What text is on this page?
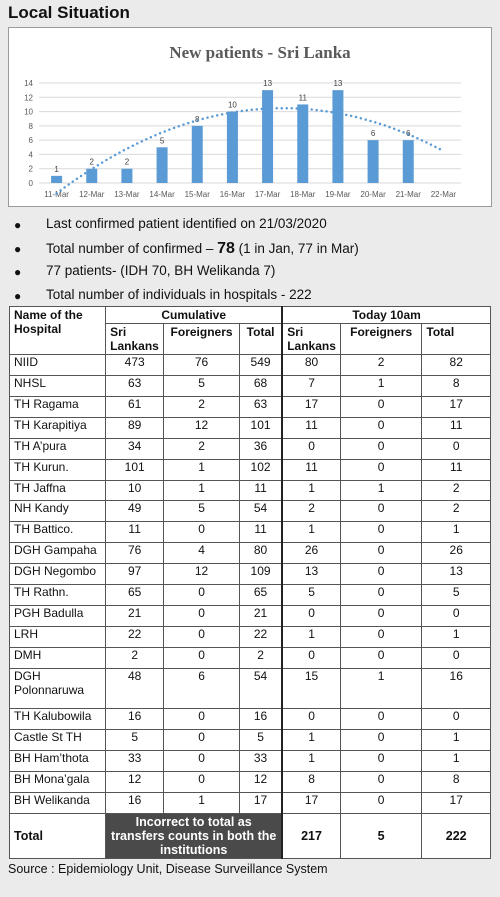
Local Situation
New patients - Sri Lanka
0
2
4
6
8
10
12
14
1
11-Mar
2
12-Mar
2
13-Mar
5
14-Mar
8
15-Mar
10
16-Mar
13
17-Mar
11
18-Mar
13
19-Mar
6
20-Mar
6
21-Mar 22-Mar
● Last confirmed patient identified on 21/03/2020
● Total number of confirmed – 78 (1 in Jan, 77 in Mar)
● 77 patients- (IDH 70, BH Welikanda 7)
● Total number of individuals in hospitals - 222
Name of the Hospital	Cumulative			Today 10am		
	Sri Lankans	Foreigners	Total	Sri Lankans	Foreigners	Total
NIID	473	76	549	80	2	82
NHSL	63	5	68	7	1	8
TH Ragama	61	2	63	17	0	17
TH Karapitiya	89	12	101	11	0	11
TH A’pura	34	2	36	0	0	0
TH Kurun.	101	1	102	11	0	11
TH Jaffna	10	1	11	1	1	2
NH Kandy	49	5	54	2	0	2
TH Battico.	11	0	11	1	0	1
DGH Gampaha	76	4	80	26	0	26
DGH Negombo	97	12	109	13	0	13
TH Rathn.	65	0	65	5	0	5
PGH Badulla	21	0	21	0	0	0
LRH	22	0	22	1	0	1
DMH	2	0	2	0	0	0
DGH Polonnaruwa	48	6	54	15	1	16
TH Kalubowila	16	0	16	0	0	0
Castle St TH	5	0	5	1	0	1
BH Ham’thota	33	0	33	1	0	1
BH Mona’gala	12	0	12	8	0	8
BH Welikanda	16	1	17	17	0	17
Total	Incorrect to total as transfers counts in both the institutions			217	5	222
Source : Epidemiology Unit, Disease Surveillance System
